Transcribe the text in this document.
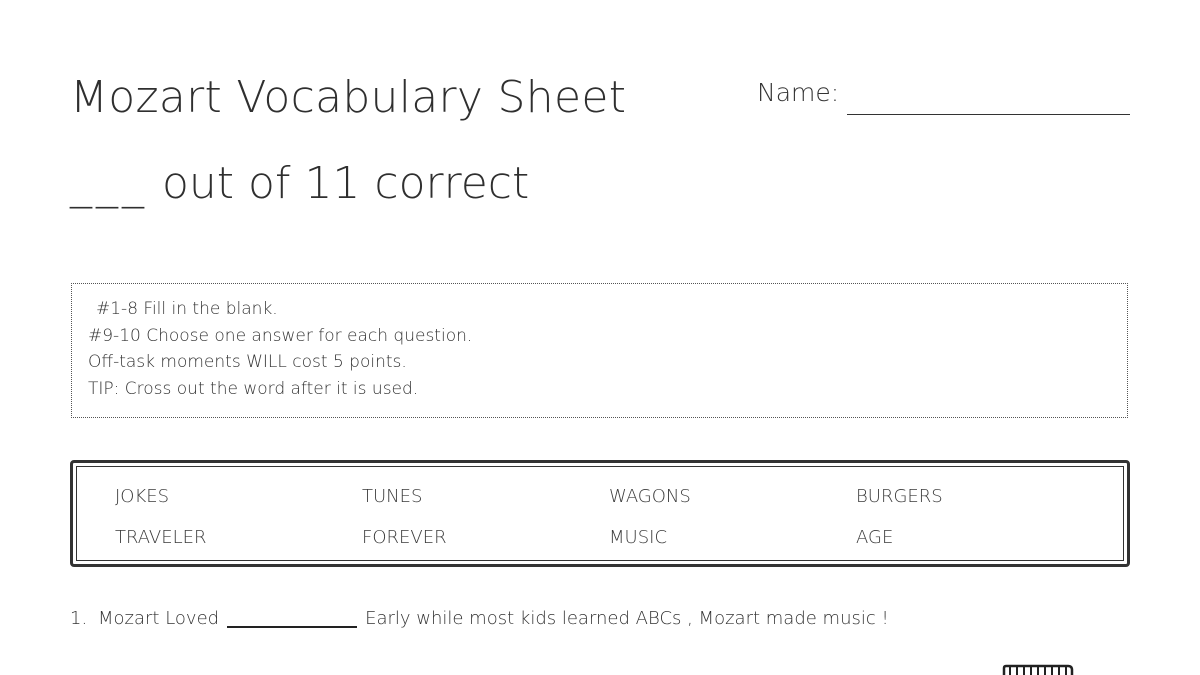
Mozart Vocabulary Sheet	Name:
___ out of 11 correct
#1-8 Fill in the blank.
#9-10 Choose one answer for each question.
Off-task moments WILL cost 5 points.
TIP: Cross out the word after it is used.
JOKES	TUNES	WAGONS	BURGERS
TRAVELER	FOREVER	MUSIC	AGE
1. Mozart Loved	Early while most kids learned ABCs , Mozart made music !
